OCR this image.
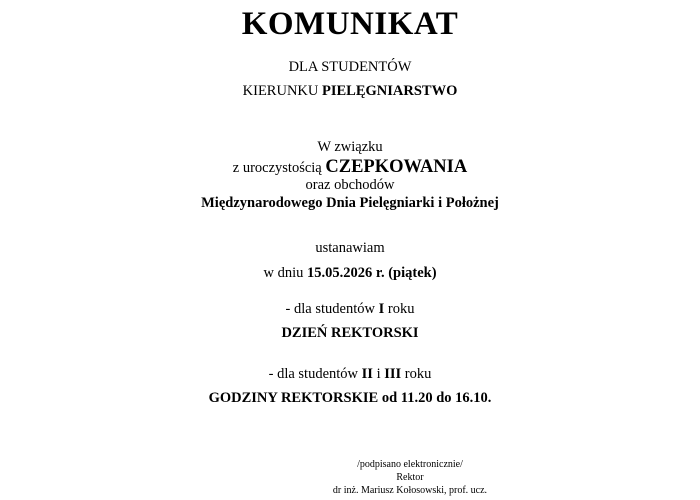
KOMUNIKAT
DLA STUDENTÓW
KIERUNKU PIELĘGNIARSTWO
W związku
z uroczystością CZEPKOWANIA
oraz obchodów
Międzynarodowego Dnia Pielęgniarki i Położnej
ustanawiam
w dniu 15.05.2026 r. (piątek)
- dla studentów I roku
DZIEŃ REKTORSKI
- dla studentów II i III roku
GODZINY REKTORSKIE od 11.20 do 16.10.
/podpisano elektronicznie/
Rektor
dr inż. Mariusz Kołosowski, prof. ucz.
